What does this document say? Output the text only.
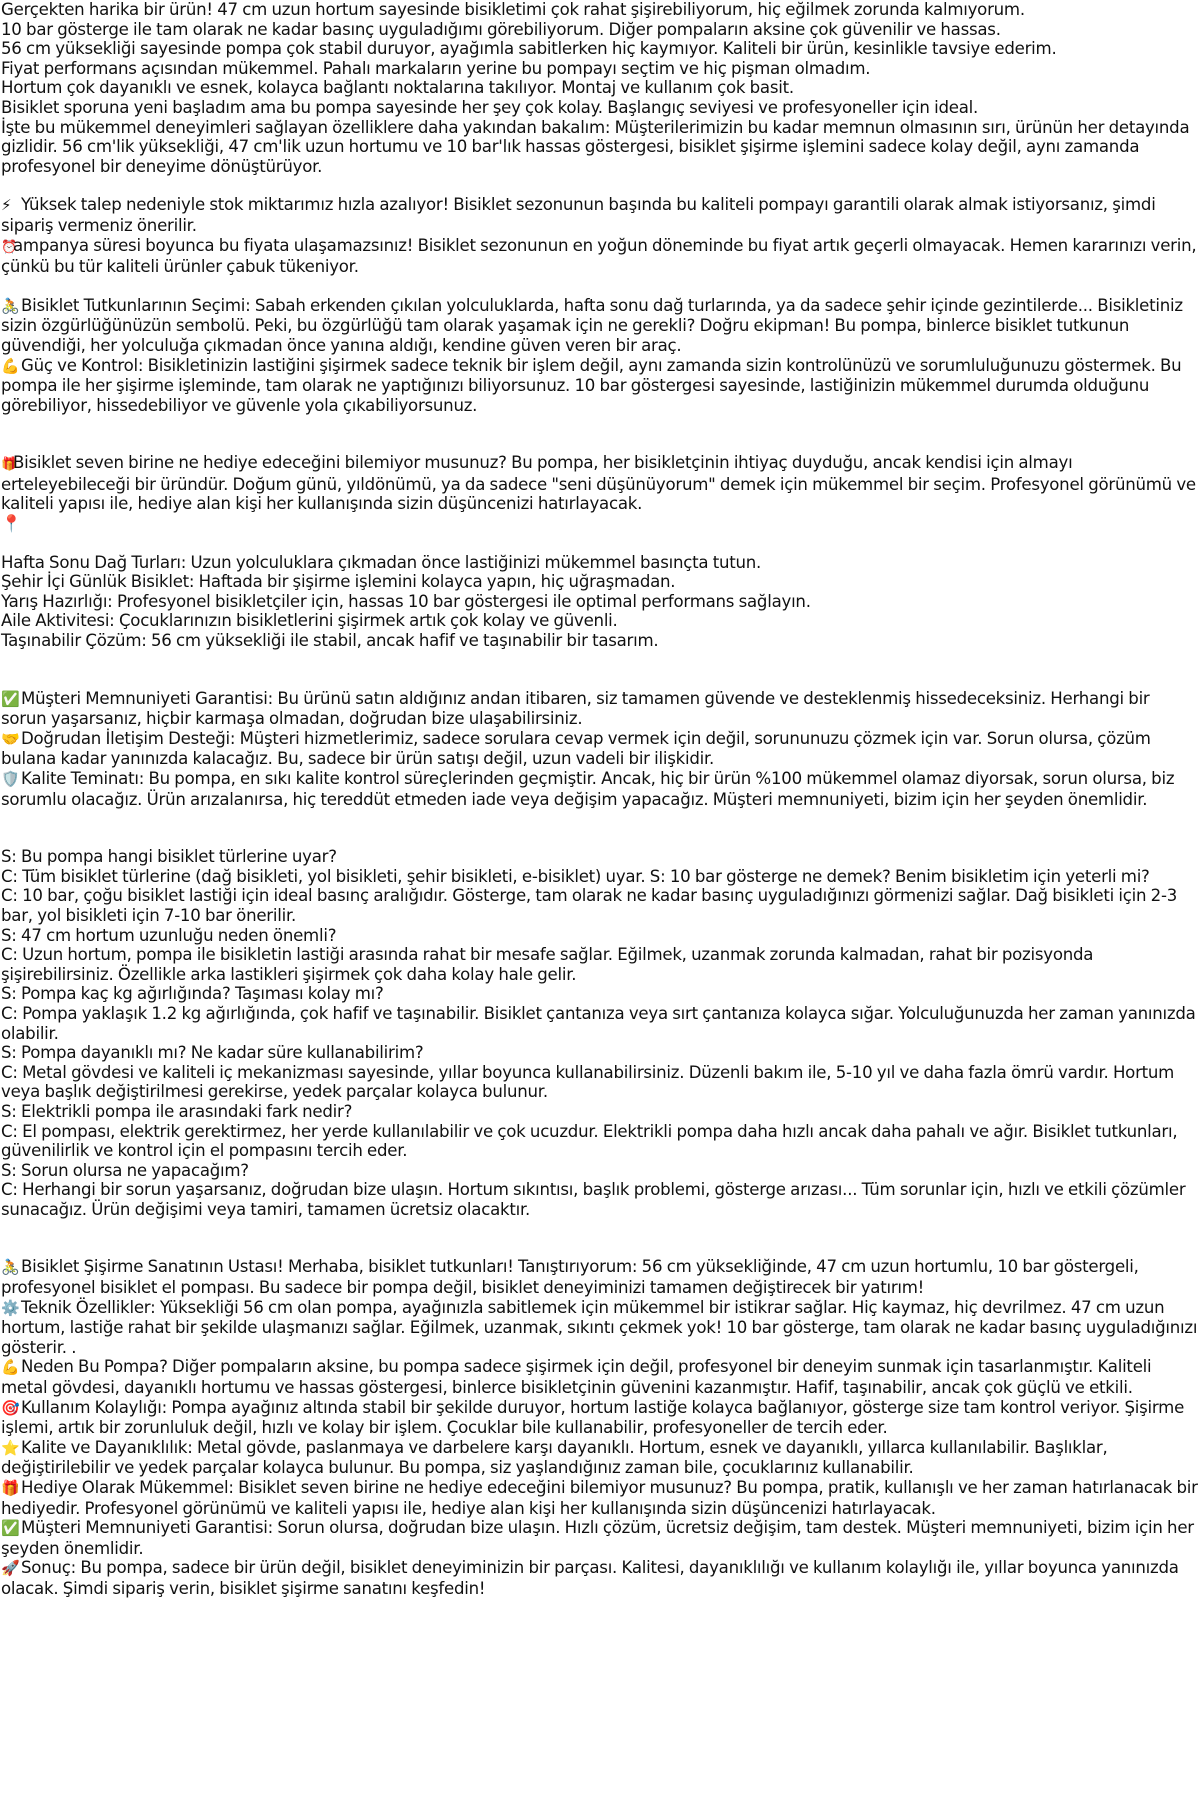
Gerçekten harika bir ürün! 47 cm uzun hortum sayesinde bisikletimi çok rahat şişirebiliyorum, hiç eğilmek zorunda kalmıyorum.
10 bar gösterge ile tam olarak ne kadar basınç uyguladığımı görebiliyorum. Diğer pompaların aksine çok güvenilir ve hassas.
56 cm yüksekliği sayesinde pompa çok stabil duruyor, ayağımla sabitlerken hiç kaymıyor. Kaliteli bir ürün, kesinlikle tavsiye ederim.
Fiyat performans açısından mükemmel. Pahalı markaların yerine bu pompayı seçtim ve hiç pişman olmadım.
Hortum çok dayanıklı ve esnek, kolayca bağlantı noktalarına takılıyor. Montaj ve kullanım çok basit.
Bisiklet sporuna yeni başladım ama bu pompa sayesinde her şey çok kolay. Başlangıç seviyesi ve profesyoneller için ideal.
İşte bu mükemmel deneyimleri sağlayan özelliklere daha yakından bakalım: Müşterilerimizin bu kadar memnun olmasının sırı, ürünün her detayında gizlidir. 56 cm'lik yüksekliği, 47 cm'lik uzun hortumu ve 10 bar'lık hassas göstergesi, bisiklet şişirme işlemini sadece kolay değil, aynı zamanda profesyonel bir deneyime dönüştürüyor.
⚡ Yüksek talep nedeniyle stok miktarımız hızla azalıyor! Bisiklet sezonunun başında bu kaliteli pompayı garantili olarak almak istiyorsanız, şimdi sipariş vermeniz önerilir.
⏰ampanya süresi boyunca bu fiyata ulaşamazsınız! Bisiklet sezonunun en yoğun döneminde bu fiyat artık geçerli olmayacak. Hemen kararınızı verin, çünkü bu tür kaliteli ürünler çabuk tükeniyor.
🚴Bisiklet Tutkunlarının Seçimi: Sabah erkenden çıkılan yolculuklarda, hafta sonu dağ turlarında, ya da sadece şehir içinde gezintilerde... Bisikletiniz sizin özgürlüğünüzün sembolü. Peki, bu özgürlüğü tam olarak yaşamak için ne gerekli? Doğru ekipman! Bu pompa, binlerce bisiklet tutkunun güvendiği, her yolculuğa çıkmadan önce yanına aldığı, kendine güven veren bir araç.
💪Güç ve Kontrol: Bisikletinizin lastiğini şişirmek sadece teknik bir işlem değil, aynı zamanda sizin kontrolünüzü ve sorumluluğunuzu göstermek. Bu pompa ile her şişirme işleminde, tam olarak ne yaptığınızı biliyorsunuz. 10 bar göstergesi sayesinde, lastiğinizin mükemmel durumda olduğunu görebiliyor, hissedebiliyor ve güvenle yola çıkabiliyorsunuz.
🎁Bisiklet seven birine ne hediye edeceğini bilemiyor musunuz? Bu pompa, her bisikletçinin ihtiyaç duyduğu, ancak kendisi için almayı erteleyebileceği bir üründür. Doğum günü, yıldönümü, ya da sadece "seni düşünüyorum" demek için mükemmel bir seçim. Profesyonel görünümü ve kaliteli yapısı ile, hediye alan kişi her kullanışında sizin düşüncenizi hatırlayacak.
📍
Hafta Sonu Dağ Turları: Uzun yolculuklara çıkmadan önce lastiğinizi mükemmel basınçta tutun.
Şehir İçi Günlük Bisiklet: Haftada bir şişirme işlemini kolayca yapın, hiç uğraşmadan.
Yarış Hazırlığı: Profesyonel bisikletçiler için, hassas 10 bar göstergesi ile optimal performans sağlayın.
Aile Aktivitesi: Çocuklarınızın bisikletlerini şişirmek artık çok kolay ve güvenli.
Taşınabilir Çözüm: 56 cm yüksekliği ile stabil, ancak hafif ve taşınabilir bir tasarım.
✅Müşteri Memnuniyeti Garantisi: Bu ürünü satın aldığınız andan itibaren, siz tamamen güvende ve desteklenmiş hissedeceksiniz. Herhangi bir sorun yaşarsanız, hiçbir karmaşa olmadan, doğrudan bize ulaşabilirsiniz.
🤝Doğrudan İletişim Desteği: Müşteri hizmetlerimiz, sadece sorulara cevap vermek için değil, sorununuzu çözmek için var. Sorun olursa, çözüm bulana kadar yanınızda kalacağız. Bu, sadece bir ürün satışı değil, uzun vadeli bir ilişkidir.
🛡️Kalite Teminatı: Bu pompa, en sıkı kalite kontrol süreçlerinden geçmiştir. Ancak, hiç bir ürün %100 mükemmel olamaz diyorsak, sorun olursa, biz sorumlu olacağız. Ürün arızalanırsa, hiç tereddüt etmeden iade veya değişim yapacağız. Müşteri memnuniyeti, bizim için her şeyden önemlidir.
S: Bu pompa hangi bisiklet türlerine uyar?
C: Tüm bisiklet türlerine (dağ bisikleti, yol bisikleti, şehir bisikleti, e-bisiklet) uyar. S: 10 bar gösterge ne demek? Benim bisikletim için yeterli mi?
C: 10 bar, çoğu bisiklet lastiği için ideal basınç aralığıdır. Gösterge, tam olarak ne kadar basınç uyguladığınızı görmenizi sağlar. Dağ bisikleti için 2-3 bar, yol bisikleti için 7-10 bar önerilir.
S: 47 cm hortum uzunluğu neden önemli?
C: Uzun hortum, pompa ile bisikletin lastiği arasında rahat bir mesafe sağlar. Eğilmek, uzanmak zorunda kalmadan, rahat bir pozisyonda şişirebilirsiniz. Özellikle arka lastikleri şişirmek çok daha kolay hale gelir.
S: Pompa kaç kg ağırlığında? Taşıması kolay mı?
C: Pompa yaklaşık 1.2 kg ağırlığında, çok hafif ve taşınabilir. Bisiklet çantanıza veya sırt çantanıza kolayca sığar. Yolculuğunuzda her zaman yanınızda olabilir.
S: Pompa dayanıklı mı? Ne kadar süre kullanabilirim?
C: Metal gövdesi ve kaliteli iç mekanizması sayesinde, yıllar boyunca kullanabilirsiniz. Düzenli bakım ile, 5-10 yıl ve daha fazla ömrü vardır. Hortum veya başlık değiştirilmesi gerekirse, yedek parçalar kolayca bulunur.
S: Elektrikli pompa ile arasındaki fark nedir?
C: El pompası, elektrik gerektirmez, her yerde kullanılabilir ve çok ucuzdur. Elektrikli pompa daha hızlı ancak daha pahalı ve ağır. Bisiklet tutkunları, güvenilirlik ve kontrol için el pompasını tercih eder.
S: Sorun olursa ne yapacağım?
C: Herhangi bir sorun yaşarsanız, doğrudan bize ulaşın. Hortum sıkıntısı, başlık problemi, gösterge arızası... Tüm sorunlar için, hızlı ve etkili çözümler sunacağız. Ürün değişimi veya tamiri, tamamen ücretsiz olacaktır.
🚴Bisiklet Şişirme Sanatının Ustası! Merhaba, bisiklet tutkunları! Tanıştırıyorum: 56 cm yüksekliğinde, 47 cm uzun hortumlu, 10 bar göstergeli, profesyonel bisiklet el pompası. Bu sadece bir pompa değil, bisiklet deneyiminizi tamamen değiştirecek bir yatırım!
⚙️Teknik Özellikler: Yüksekliği 56 cm olan pompa, ayağınızla sabitlemek için mükemmel bir istikrar sağlar. Hiç kaymaz, hiç devrilmez. 47 cm uzun hortum, lastiğe rahat bir şekilde ulaşmanızı sağlar. Eğilmek, uzanmak, sıkıntı çekmek yok! 10 bar gösterge, tam olarak ne kadar basınç uyguladığınızı gösterir. .
💪Neden Bu Pompa? Diğer pompaların aksine, bu pompa sadece şişirmek için değil, profesyonel bir deneyim sunmak için tasarlanmıştır. Kaliteli metal gövdesi, dayanıklı hortumu ve hassas göstergesi, binlerce bisikletçinin güvenini kazanmıştır. Hafif, taşınabilir, ancak çok güçlü ve etkili.
🎯Kullanım Kolaylığı: Pompa ayağınız altında stabil bir şekilde duruyor, hortum lastiğe kolayca bağlanıyor, gösterge size tam kontrol veriyor. Şişirme işlemi, artık bir zorunluluk değil, hızlı ve kolay bir işlem. Çocuklar bile kullanabilir, profesyoneller de tercih eder.
⭐Kalite ve Dayanıklılık: Metal gövde, paslanmaya ve darbelere karşı dayanıklı. Hortum, esnek ve dayanıklı, yıllarca kullanılabilir. Başlıklar, değiştirilebilir ve yedek parçalar kolayca bulunur. Bu pompa, siz yaşlandığınız zaman bile, çocuklarınız kullanabilir.
🎁Hediye Olarak Mükemmel: Bisiklet seven birine ne hediye edeceğini bilemiyor musunuz? Bu pompa, pratik, kullanışlı ve her zaman hatırlanacak bir hediyedir. Profesyonel görünümü ve kaliteli yapısı ile, hediye alan kişi her kullanışında sizin düşüncenizi hatırlayacak.
✅Müşteri Memnuniyeti Garantisi: Sorun olursa, doğrudan bize ulaşın. Hızlı çözüm, ücretsiz değişim, tam destek. Müşteri memnuniyeti, bizim için her şeyden önemlidir.
🚀Sonuç: Bu pompa, sadece bir ürün değil, bisiklet deneyiminizin bir parçası. Kalitesi, dayanıklılığı ve kullanım kolaylığı ile, yıllar boyunca yanınızda olacak. Şimdi sipariş verin, bisiklet şişirme sanatını keşfedin!
